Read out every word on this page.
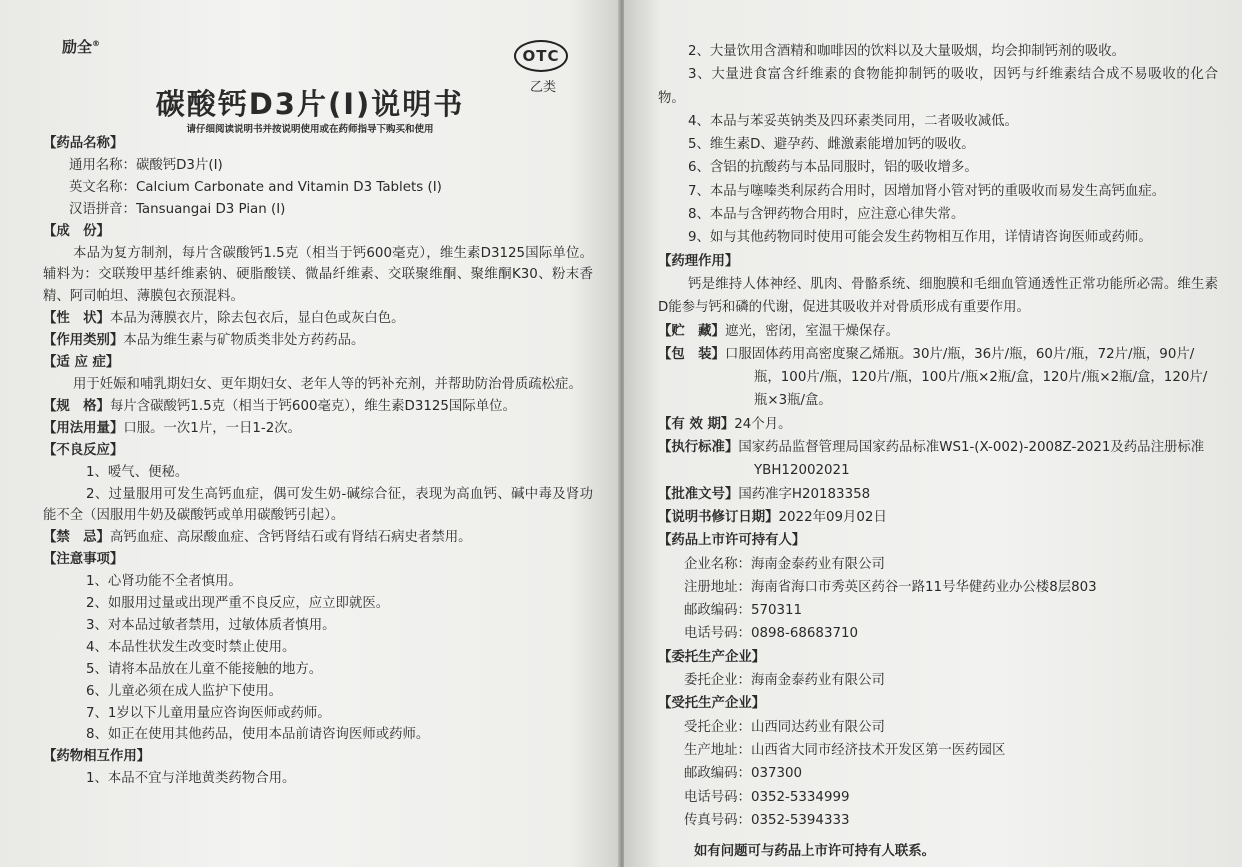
励全®
OTC
乙类
碳酸钙D3片(I)说明书
请仔细阅读说明书并按说明使用或在药师指导下购买和使用
【药品名称】
通用名称：碳酸钙D3片(I)
英文名称：Calcium Carbonate and Vitamin D3 Tablets (I)
汉语拼音：Tansuangai D3 Pian (I)
【成　份】
本品为复方制剂，每片含碳酸钙1.5克（相当于钙600毫克），维生素D3125国际单位。辅料为：交联羧甲基纤维素钠、硬脂酸镁、微晶纤维素、交联聚维酮、聚维酮K30、粉末香精、阿司帕坦、薄膜包衣预混料。
【性　状】本品为薄膜衣片，除去包衣后，显白色或灰白色。
【作用类别】本品为维生素与矿物质类非处方药药品。
【适 应 症】
用于妊娠和哺乳期妇女、更年期妇女、老年人等的钙补充剂，并帮助防治骨质疏松症。
【规　格】每片含碳酸钙1.5克（相当于钙600毫克），维生素D3125国际单位。
【用法用量】口服。一次1片，一日1-2次。
【不良反应】
1、嗳气、便秘。
2、过量服用可发生高钙血症，偶可发生奶-碱综合征，表现为高血钙、碱中毒及肾功能不全（因服用牛奶及碳酸钙或单用碳酸钙引起）。
【禁　忌】高钙血症、高尿酸血症、含钙肾结石或有肾结石病史者禁用。
【注意事项】
1、心肾功能不全者慎用。
2、如服用过量或出现严重不良反应，应立即就医。
3、对本品过敏者禁用，过敏体质者慎用。
4、本品性状发生改变时禁止使用。
5、请将本品放在儿童不能接触的地方。
6、儿童必须在成人监护下使用。
7、1岁以下儿童用量应咨询医师或药师。
8、如正在使用其他药品，使用本品前请咨询医师或药师。
【药物相互作用】
1、本品不宜与洋地黄类药物合用。
2、大量饮用含酒精和咖啡因的饮料以及大量吸烟，均会抑制钙剂的吸收。
3、大量进食富含纤维素的食物能抑制钙的吸收，因钙与纤维素结合成不易吸收的化合物。
4、本品与苯妥英钠类及四环素类同用，二者吸收减低。
5、维生素D、避孕药、雌激素能增加钙的吸收。
6、含铝的抗酸药与本品同服时，铝的吸收增多。
7、本品与噻嗪类利尿药合用时，因增加肾小管对钙的重吸收而易发生高钙血症。
8、本品与含钾药物合用时，应注意心律失常。
9、如与其他药物同时使用可能会发生药物相互作用，详情请咨询医师或药师。
【药理作用】
钙是维持人体神经、肌肉、骨骼系统、细胞膜和毛细血管通透性正常功能所必需。维生素D能参与钙和磷的代谢，促进其吸收并对骨质形成有重要作用。
【贮　藏】遮光，密闭，室温干燥保存。
【包　装】口服固体药用高密度聚乙烯瓶。30片/瓶，36片/瓶，60片/瓶，72片/瓶，90片/瓶，100片/瓶，120片/瓶，100片/瓶×2瓶/盒，120片/瓶×2瓶/盒，120片/瓶×3瓶/盒。
【有 效 期】24个月。
【执行标准】国家药品监督管理局国家药品标准WS1-(X-002)-2008Z-2021及药品注册标准YBH12002021
【批准文号】国药准字H20183358
【说明书修订日期】2022年09月02日
【药品上市许可持有人】
企业名称：海南金泰药业有限公司
注册地址：海南省海口市秀英区药谷一路11号华健药业办公楼8层803
邮政编码：570311
电话号码：0898-68683710
【委托生产企业】
委托企业：海南金泰药业有限公司
【受托生产企业】
受托企业：山西同达药业有限公司
生产地址：山西省大同市经济技术开发区第一医药园区
邮政编码：037300
电话号码：0352-5334999
传真号码：0352-5394333
如有问题可与药品上市许可持有人联系。
